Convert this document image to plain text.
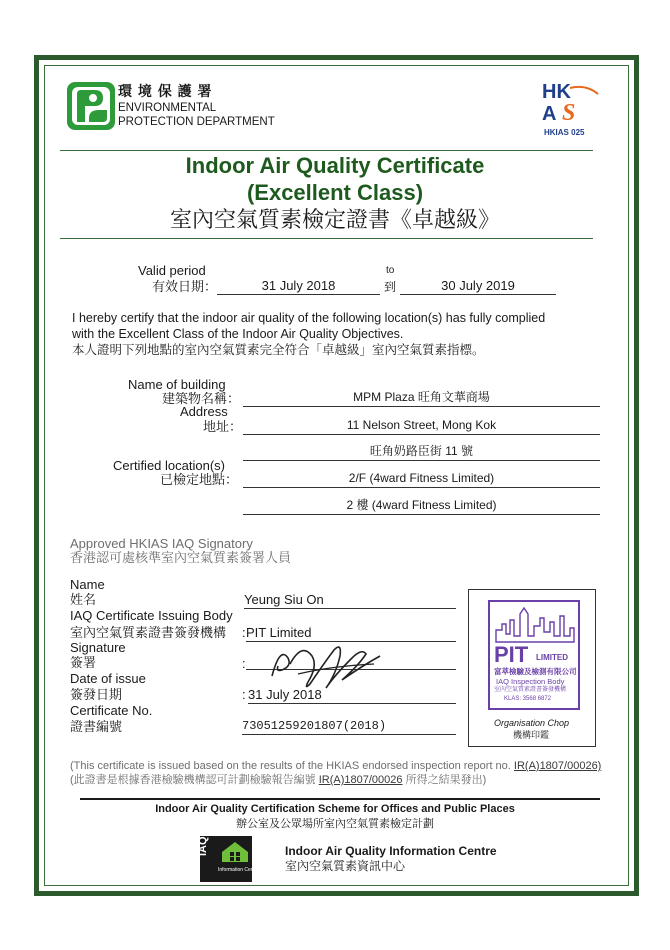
環 境 保 護 署
ENVIRONMENTAL
PROTECTION DEPARTMENT
HK
A S
HKIAS 025
Indoor Air Quality Certificate
(Excellent Class)
室內空氣質素檢定證書《卓越級》
Valid period
有效日期：	31 July 2018
to
到	30 July 2019
I hereby certify that the indoor air quality of the following location(s) has fully complied
with the Excellent Class of the Indoor Air Quality Objectives.
本人證明下列地點的室內空氣質素完全符合「卓越級」室內空氣質素指標。
Name of building
建築物名稱：	MPM Plaza 旺角文華商場
Address
地址：	11 Nelson Street, Mong Kok
旺角奶路臣街 11 號
Certified location(s)
已檢定地點：	2/F (4ward Fitness Limited)
2 樓 (4ward Fitness Limited)
Approved HKIAS IAQ Signatory
香港認可處核準室內空氣質素簽署人員
Name
姓名	Yeung Siu On
IAQ Certificate Issuing Body
室內空氣質素證書簽發機構 : PIT Limited
Signature
簽署	:
Date of issue
簽發日期	: 31 July 2018
Certificate No.
證書編號	73051259201807(2018)
PIT LIMITED
富萃檢驗及檢測有限公司
IAQ Inspection Body
室內空氣質素證書簽發機構
KLAS: 3568 6872
Organisation Chop
機構印鑑
(This certificate is issued based on the results of the HKIAS endorsed inspection report no. IR(A)1807/00026)
(此證書是根據香港檢驗機構認可計劃檢驗報告編號 IR(A)1807/00026 所得之結果發出)
Indoor Air Quality Certification Scheme for Offices and Public Places
辦公室及公眾場所室內空氣質素檢定計劃
IAQ
Information Centre
Indoor Air Quality Information Centre
室內空氣質素資訊中心
